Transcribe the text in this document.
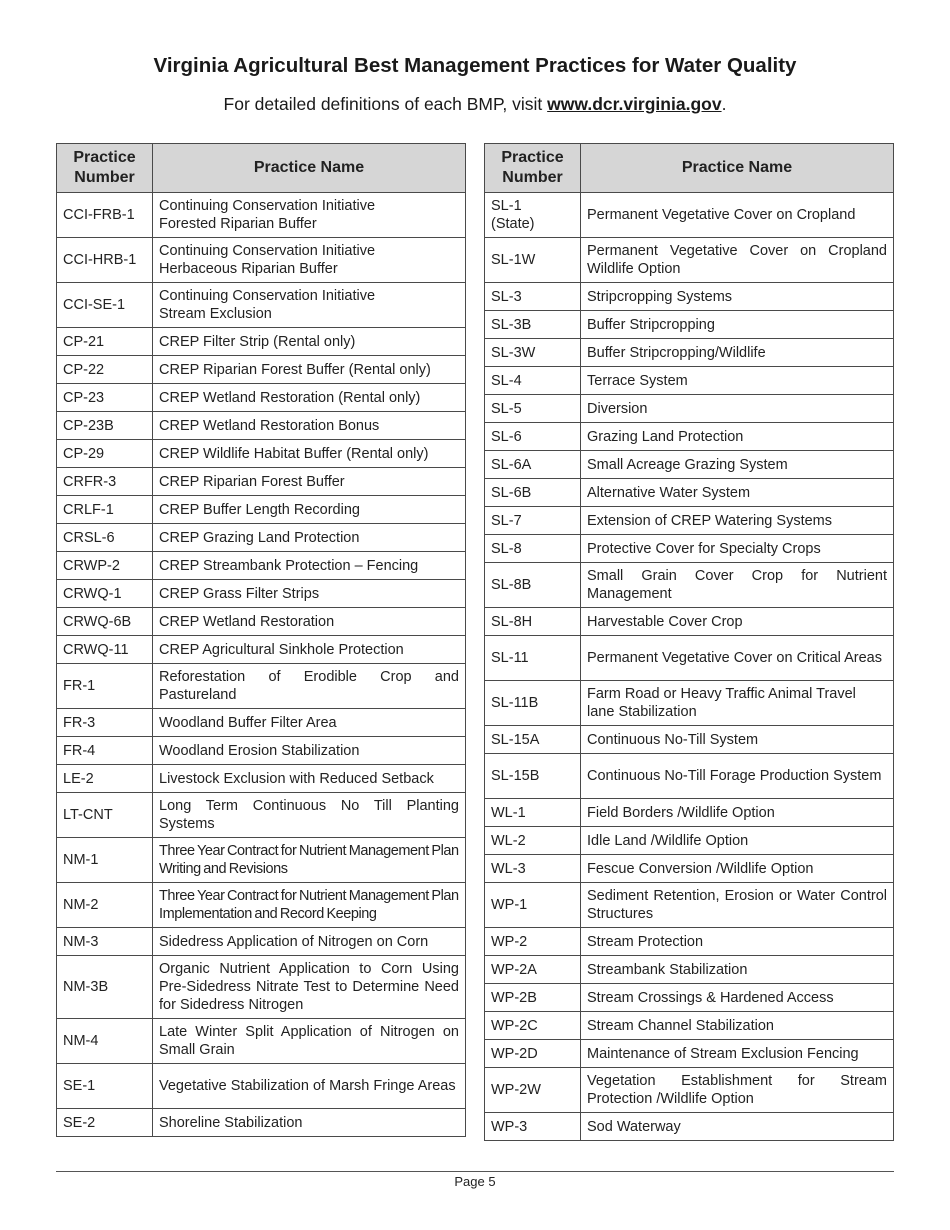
Virginia Agricultural Best Management Practices for Water Quality
For detailed definitions of each BMP, visit www.dcr.virginia.gov.
Practice Number	Practice Name
CCI-FRB-1	Continuing Conservation Initiative
Forested Riparian Buffer
CCI-HRB-1	Continuing Conservation Initiative
Herbaceous Riparian Buffer
CCI-SE-1	Continuing Conservation Initiative
Stream Exclusion
CP-21	CREP Filter Strip (Rental only)
CP-22	CREP Riparian Forest Buffer (Rental only)
CP-23	CREP Wetland Restoration (Rental only)
CP-23B	CREP Wetland Restoration Bonus
CP-29	CREP Wildlife Habitat Buffer (Rental only)
CRFR-3	CREP Riparian Forest Buffer
CRLF-1	CREP Buffer Length Recording
CRSL-6	CREP Grazing Land Protection
CRWP-2	CREP Streambank Protection – Fencing
CRWQ-1	CREP Grass Filter Strips
CRWQ-6B	CREP Wetland Restoration
CRWQ-11	CREP Agricultural Sinkhole Protection
FR-1	Reforestation of Erodible Crop and Pastureland
FR-3	Woodland Buffer Filter Area
FR-4	Woodland Erosion Stabilization
LE-2	Livestock Exclusion with Reduced Setback
LT-CNT	Long Term Continuous No Till Planting Systems
NM-1	Three Year Contract for Nutrient Management Plan Writing and Revisions
NM-2	Three Year Contract for Nutrient Management Plan Implementation and Record Keeping
NM-3	Sidedress Application of Nitrogen on Corn
NM-3B	Organic Nutrient Application to Corn Using Pre-Sidedress Nitrate Test to Determine Need for Sidedress Nitrogen
NM-4	Late Winter Split Application of Nitrogen on Small Grain
SE-1	Vegetative Stabilization of Marsh Fringe Areas
SE-2	Shoreline Stabilization
Practice Number	Practice Name
SL-1
(State)	Permanent Vegetative Cover on Cropland
SL-1W	Permanent Vegetative Cover on Cropland Wildlife Option
SL-3	Stripcropping Systems
SL-3B	Buffer Stripcropping
SL-3W	Buffer Stripcropping/Wildlife
SL-4	Terrace System
SL-5	Diversion
SL-6	Grazing Land Protection
SL-6A	Small Acreage Grazing System
SL-6B	Alternative Water System
SL-7	Extension of CREP Watering Systems
SL-8	Protective Cover for Specialty Crops
SL-8B	Small Grain Cover Crop for Nutrient Management
SL-8H	Harvestable Cover Crop
SL-11	Permanent Vegetative Cover on Critical Areas
SL-11B	Farm Road or Heavy Traffic Animal Travel lane Stabilization
SL-15A	Continuous No-Till System
SL-15B	Continuous No-Till Forage Production System
WL-1	Field Borders /Wildlife Option
WL-2	Idle Land /Wildlife Option
WL-3	Fescue Conversion /Wildlife Option
WP-1	Sediment Retention, Erosion or Water Control Structures
WP-2	Stream Protection
WP-2A	Streambank Stabilization
WP-2B	Stream Crossings & Hardened Access
WP-2C	Stream Channel Stabilization
WP-2D	Maintenance of Stream Exclusion Fencing
WP-2W	Vegetation Establishment for Stream Protection /Wildlife Option
WP-3	Sod Waterway
Page 5
